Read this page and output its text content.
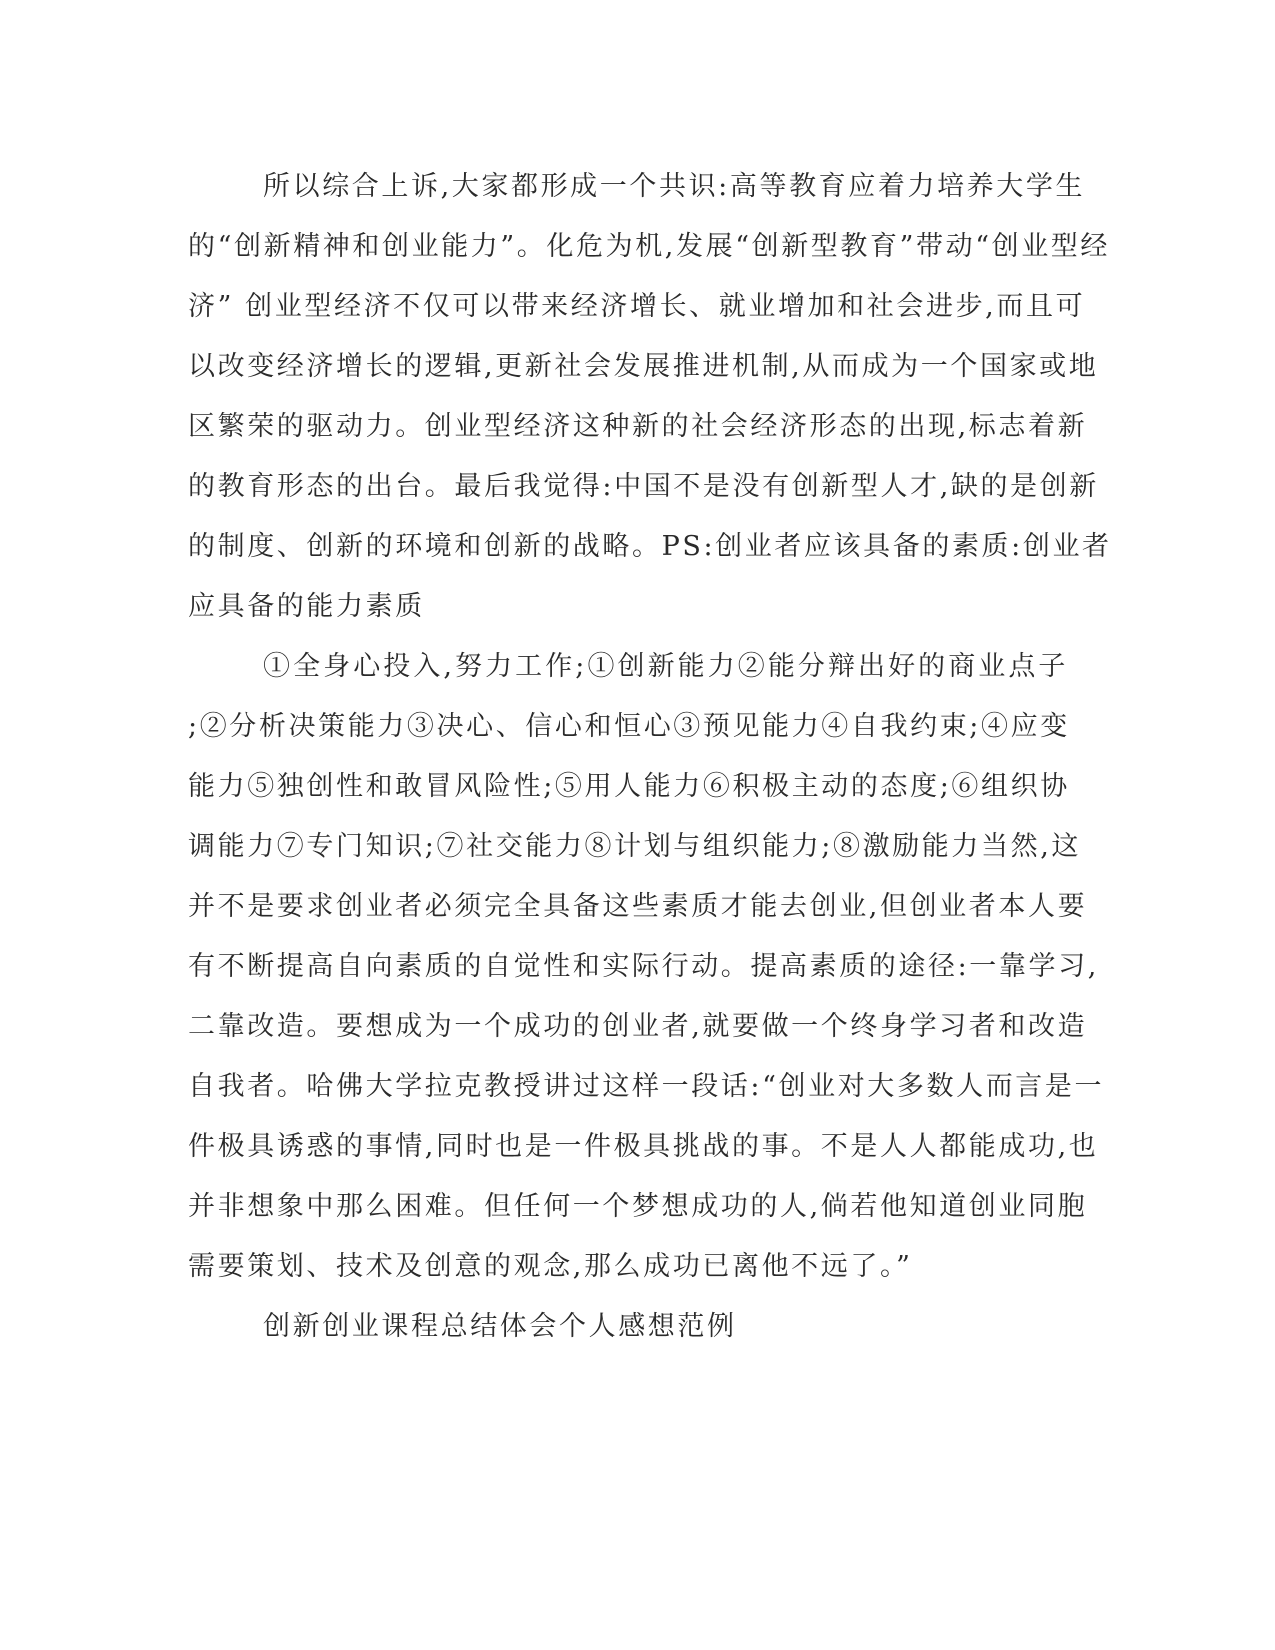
所以综合上诉,大家都形成一个共识:高等教育应着力培养大学生
的“创新精神和创业能力”。化危为机,发展“创新型教育”带动“创业型经
济” 创业型经济不仅可以带来经济增长、就业增加和社会进步,而且可
以改变经济增长的逻辑,更新社会发展推进机制,从而成为一个国家或地
区繁荣的驱动力。创业型经济这种新的社会经济形态的出现,标志着新
的教育形态的出台。最后我觉得:中国不是没有创新型人才,缺的是创新
的制度、创新的环境和创新的战略。PS:创业者应该具备的素质:创业者
应具备的能力素质
①全身心投入,努力工作;①创新能力②能分辩出好的商业点子
;②分析决策能力③决心、信心和恒心③预见能力④自我约束;④应变
能力⑤独创性和敢冒风险性;⑤用人能力⑥积极主动的态度;⑥组织协
调能力⑦专门知识;⑦社交能力⑧计划与组织能力;⑧激励能力当然,这
并不是要求创业者必须完全具备这些素质才能去创业,但创业者本人要
有不断提高自向素质的自觉性和实际行动。提高素质的途径:一靠学习,
二靠改造。要想成为一个成功的创业者,就要做一个终身学习者和改造
自我者。哈佛大学拉克教授讲过这样一段话:“创业对大多数人而言是一
件极具诱惑的事情,同时也是一件极具挑战的事。不是人人都能成功,也
并非想象中那么困难。但任何一个梦想成功的人,倘若他知道创业同胞
需要策划、技术及创意的观念,那么成功已离他不远了。”
创新创业课程总结体会个人感想范例
